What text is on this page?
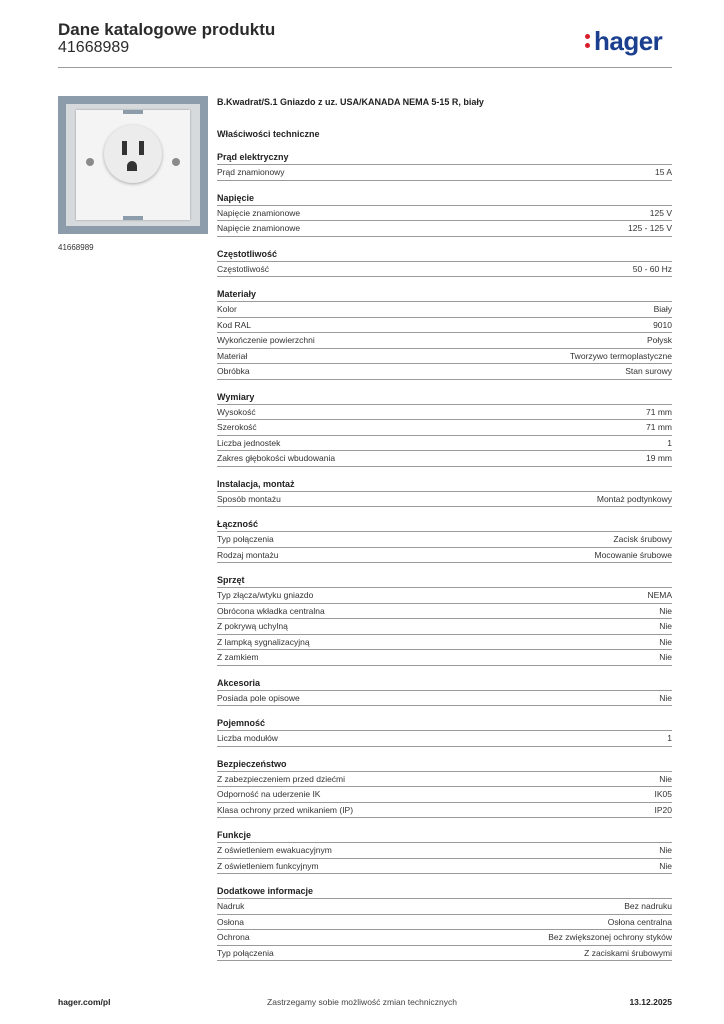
Dane katalogowe produktu
41668989	hager
41668989
B.Kwadrat/S.1 Gniazdo z uz. USA/KANADA NEMA 5-15 R, biały
Właściwości techniczne
Prąd elektryczny
Prąd znamionowy	15 A
Napięcie
Napięcie znamionowe	125 V
Napięcie znamionowe	125 - 125 V
Częstotliwość
Częstotliwość	50 - 60 Hz
Materiały
Kolor	Biały
Kod RAL	9010
Wykończenie powierzchni	Połysk
Materiał	Tworzywo termoplastyczne
Obróbka	Stan surowy
Wymiary
Wysokość	71 mm
Szerokość	71 mm
Liczba jednostek	1
Zakres głębokości wbudowania	19 mm
Instalacja, montaż
Sposób montażu	Montaż podtynkowy
Łączność
Typ połączenia	Zacisk śrubowy
Rodzaj montażu	Mocowanie śrubowe
Sprzęt
Typ złącza/wtyku gniazdo	NEMA
Obrócona wkładka centralna	Nie
Z pokrywą uchylną	Nie
Z lampką sygnalizacyjną	Nie
Z zamkiem	Nie
Akcesoria
Posiada pole opisowe	Nie
Pojemność
Liczba modułów	1
Bezpieczeństwo
Z zabezpieczeniem przed dziećmi	Nie
Odporność na uderzenie IK	IK05
Klasa ochrony przed wnikaniem (IP)	IP20
Funkcje
Z oświetleniem ewakuacyjnym	Nie
Z oświetleniem funkcyjnym	Nie
Dodatkowe informacje
Nadruk	Bez nadruku
Osłona	Osłona centralna
Ochrona	Bez zwiększonej ochrony styków
Typ połączenia	Z zaciskami śrubowymi
hager.com/pl	Zastrzegamy sobie możliwość zmian technicznych	13.12.2025
